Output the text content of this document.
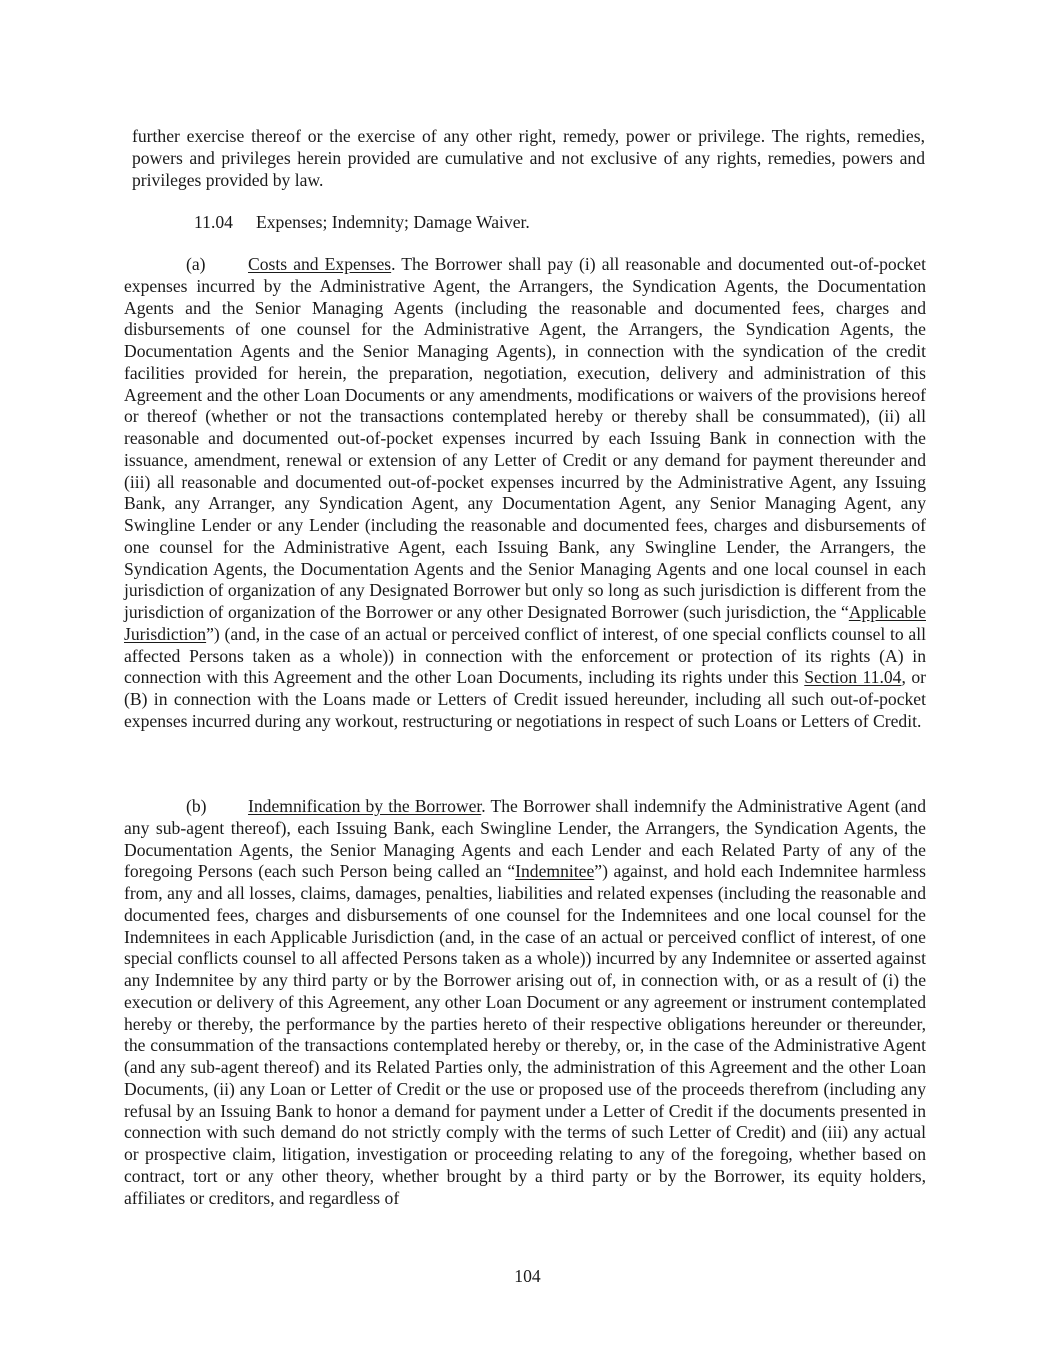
further exercise thereof or the exercise of any other right, remedy, power or privilege. The rights, remedies, powers and privileges herein provided are cumulative and not exclusive of any rights, remedies, powers and privileges provided by law.

11.04 Expenses; Indemnity; Damage Waiver.

(a) Costs and Expenses. The Borrower shall pay (i) all reasonable and documented out-of-pocket expenses incurred by the Administrative Agent, the Arrangers, the Syndication Agents, the Documentation Agents and the Senior Managing Agents (including the reasonable and documented fees, charges and disbursements of one counsel for the Administrative Agent, the Arrangers, the Syndication Agents, the Documentation Agents and the Senior Managing Agents), in connection with the syndication of the credit facilities provided for herein, the preparation, negotiation, execution, delivery and administration of this Agreement and the other Loan Documents or any amendments, modifications or waivers of the provisions hereof or thereof (whether or not the transactions contemplated hereby or thereby shall be consummated), (ii) all reasonable and documented out-of-pocket expenses incurred by each Issuing Bank in connection with the issuance, amendment, renewal or extension of any Letter of Credit or any demand for payment thereunder and (iii) all reasonable and documented out-of-pocket expenses incurred by the Administrative Agent, any Issuing Bank, any Arranger, any Syndication Agent, any Documentation Agent, any Senior Managing Agent, any Swingline Lender or any Lender (including the reasonable and documented fees, charges and disbursements of one counsel for the Administrative Agent, each Issuing Bank, any Swingline Lender, the Arrangers, the Syndication Agents, the Documentation Agents and the Senior Managing Agents and one local counsel in each jurisdiction of organization of any Designated Borrower but only so long as such jurisdiction is different from the jurisdiction of organization of the Borrower or any other Designated Borrower (such jurisdiction, the “Applicable Jurisdiction”) (and, in the case of an actual or perceived conflict of interest, of one special conflicts counsel to all affected Persons taken as a whole)) in connection with the enforcement or protection of its rights (A) in connection with this Agreement and the other Loan Documents, including its rights under this Section 11.04, or (B) in connection with the Loans made or Letters of Credit issued hereunder, including all such out-of-pocket expenses incurred during any workout, restructuring or negotiations in respect of such Loans or Letters of Credit.

(b) Indemnification by the Borrower. The Borrower shall indemnify the Administrative Agent (and any sub-agent thereof), each Issuing Bank, each Swingline Lender, the Arrangers, the Syndication Agents, the Documentation Agents, the Senior Managing Agents and each Lender and each Related Party of any of the foregoing Persons (each such Person being called an “Indemnitee”) against, and hold each Indemnitee harmless from, any and all losses, claims, damages, penalties, liabilities and related expenses (including the reasonable and documented fees, charges and disbursements of one counsel for the Indemnitees and one local counsel for the Indemnitees in each Applicable Jurisdiction (and, in the case of an actual or perceived conflict of interest, of one special conflicts counsel to all affected Persons taken as a whole)) incurred by any Indemnitee or asserted against any Indemnitee by any third party or by the Borrower arising out of, in connection with, or as a result of (i) the execution or delivery of this Agreement, any other Loan Document or any agreement or instrument contemplated hereby or thereby, the performance by the parties hereto of their respective obligations hereunder or thereunder, the consummation of the transactions contemplated hereby or thereby, or, in the case of the Administrative Agent (and any sub-agent thereof) and its Related Parties only, the administration of this Agreement and the other Loan Documents, (ii) any Loan or Letter of Credit or the use or proposed use of the proceeds therefrom (including any refusal by an Issuing Bank to honor a demand for payment under a Letter of Credit if the documents presented in connection with such demand do not strictly comply with the terms of such Letter of Credit) and (iii) any actual or prospective claim, litigation, investigation or proceeding relating to any of the foregoing, whether based on contract, tort or any other theory, whether brought by a third party or by the Borrower, its equity holders, affiliates or creditors, and regardless of

104
